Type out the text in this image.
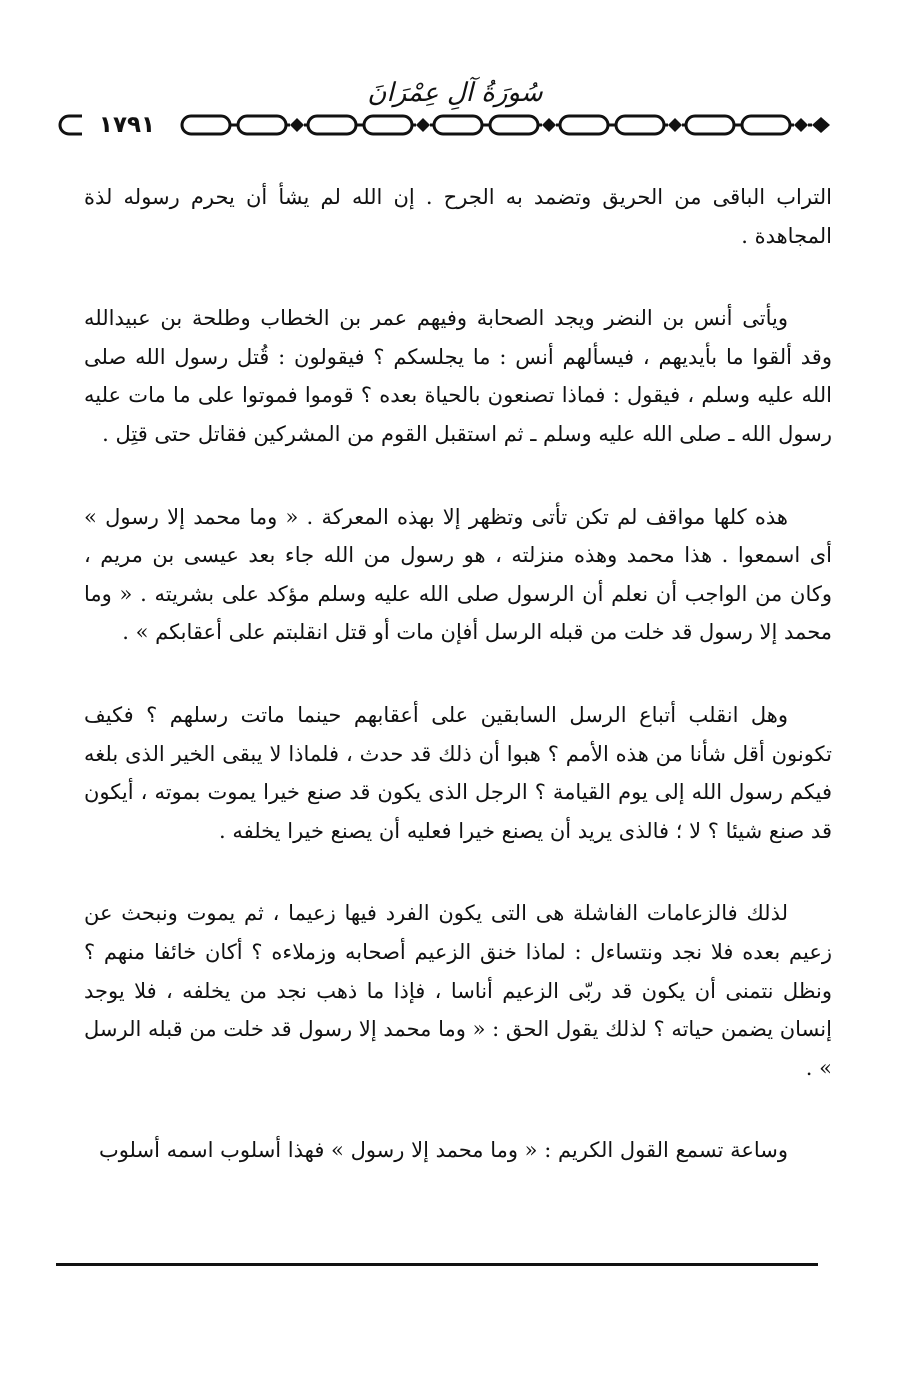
سُورَةُ آلِ عِمْرَانَ
١٧٩١

التراب الباقى من الحريق وتضمد به الجرح . إن الله لم يشأ أن يحرم رسوله لذة المجاهدة .

ويأتى أنس بن النضر ويجد الصحابة وفيهم عمر بن الخطاب وطلحة بن عبيدالله وقد ألقوا ما بأيديهم ، فيسألهم أنس : ما يجلسكم ؟ فيقولون : قُتل رسول الله صلى الله عليه وسلم ، فيقول : فماذا تصنعون بالحياة بعده ؟ قوموا فموتوا على ما مات عليه رسول الله ـ صلى الله عليه وسلم ـ ثم استقبل القوم من المشركين فقاتل حتى قتِل .

هذه كلها مواقف لم تكن تأتى وتظهر إلا بهذه المعركة . « وما محمد إلا رسول » أى اسمعوا . هذا محمد وهذه منزلته ، هو رسول من الله جاء بعد عيسى بن مريم ، وكان من الواجب أن نعلم أن الرسول صلى الله عليه وسلم مؤكد على بشريته . « وما محمد إلا رسول قد خلت من قبله الرسل أفإن مات أو قتل انقلبتم على أعقابكم » .

وهل انقلب أتباع الرسل السابقين على أعقابهم حينما ماتت رسلهم ؟ فكيف تكونون أقل شأنا من هذه الأمم ؟ هبوا أن ذلك قد حدث ، فلماذا لا يبقى الخير الذى بلغه فيكم رسول الله إلى يوم القيامة ؟ الرجل الذى يكون قد صنع خيرا يموت بموته ، أيكون قد صنع شيئا ؟ لا ؛ فالذى يريد أن يصنع خيرا فعليه أن يصنع خيرا يخلفه .

لذلك فالزعامات الفاشلة هى التى يكون الفرد فيها زعيما ، ثم يموت ونبحث عن زعيم بعده فلا نجد ونتساءل : لماذا خنق الزعيم أصحابه وزملاءه ؟ أكان خائفا منهم ؟ ونظل نتمنى أن يكون قد ربّى الزعيم أناسا ، فإذا ما ذهب نجد من يخلفه ، فلا يوجد إنسان يضمن حياته ؟ لذلك يقول الحق : « وما محمد إلا رسول قد خلت من قبله الرسل » .

وساعة تسمع القول الكريم : « وما محمد إلا رسول » فهذا أسلوب اسمه أسلوب
